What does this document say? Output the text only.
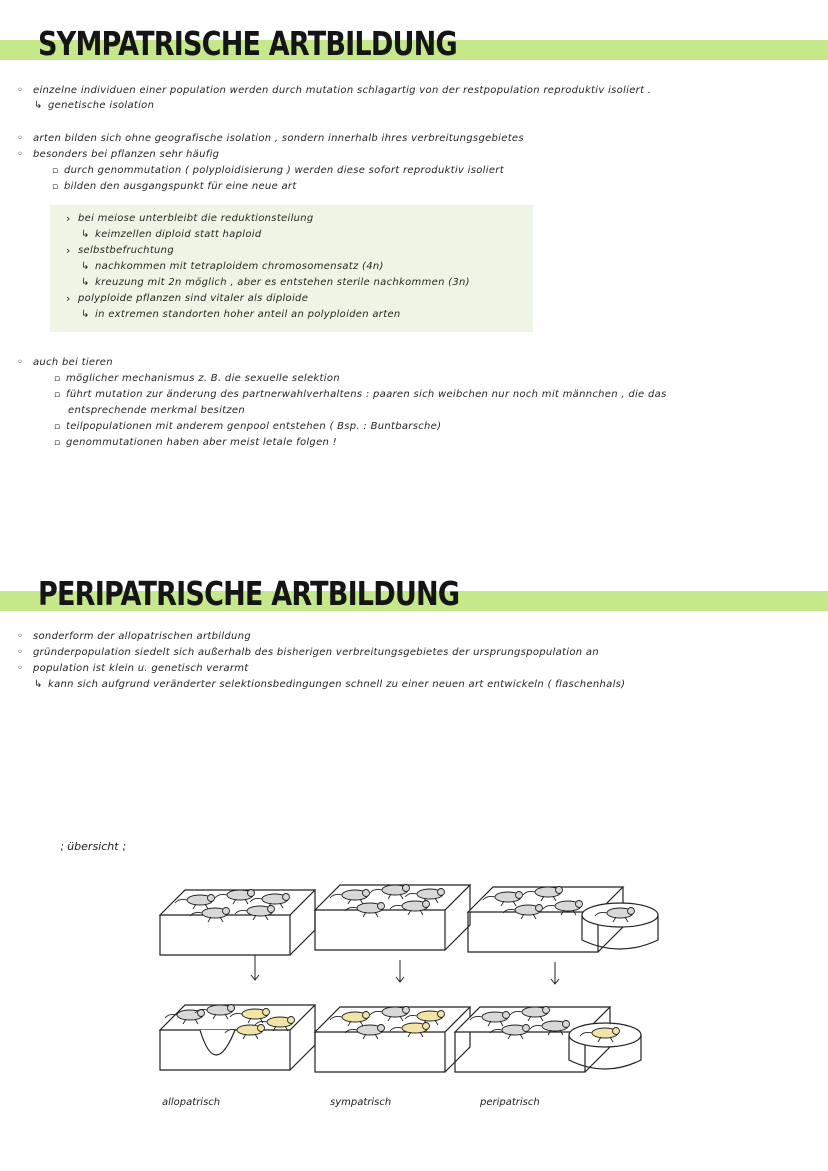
SYMPATRISCHE ARTBILDUNG
◦ einzelne individuen einer population werden durch mutation schlagartig von der restpopulation reproduktiv isoliert .
↳ genetische isolation
◦ arten bilden sich ohne geografische isolation , sondern innerhalb ihres verbreitungsgebietes
◦ besonders bei pflanzen sehr häufig
▫ durch genommutation ( polyploidisierung ) werden diese sofort reproduktiv isoliert
▫ bilden den ausgangspunkt für eine neue art
› bei meiose unterbleibt die reduktionsteilung
↳ keimzellen diploid statt haploid
› selbstbefruchtung
↳ nachkommen mit tetraploidem chromosomensatz (4n)
↳ kreuzung mit 2n möglich , aber es entstehen sterile nachkommen (3n)
› polyploide pflanzen sind vitaler als diploide
↳ in extremen standorten hoher anteil an polyploiden arten
◦ auch bei tieren
▫ möglicher mechanismus z. B. die sexuelle selektion
▫ führt mutation zur änderung des partnerwahlverhaltens : paaren sich weibchen nur noch mit männchen , die das
entsprechende merkmal besitzen
▫ teilpopulationen mit anderem genpool entstehen ( Bsp. : Buntbarsche)
▫ genommutationen haben aber meist letale folgen !
PERIPATRISCHE ARTBILDUNG
◦ sonderform der allopatrischen artbildung
◦ gründerpopulation siedelt sich außerhalb des bisherigen verbreitungsgebietes der ursprungspopulation an
◦ population ist klein u. genetisch verarmt
↳ kann sich aufgrund veränderter selektionsbedingungen schnell zu einer neuen art entwickeln ( flaschenhals)
⁏ übersicht ⁏
allopatrisch	sympatrisch	peripatrisch
